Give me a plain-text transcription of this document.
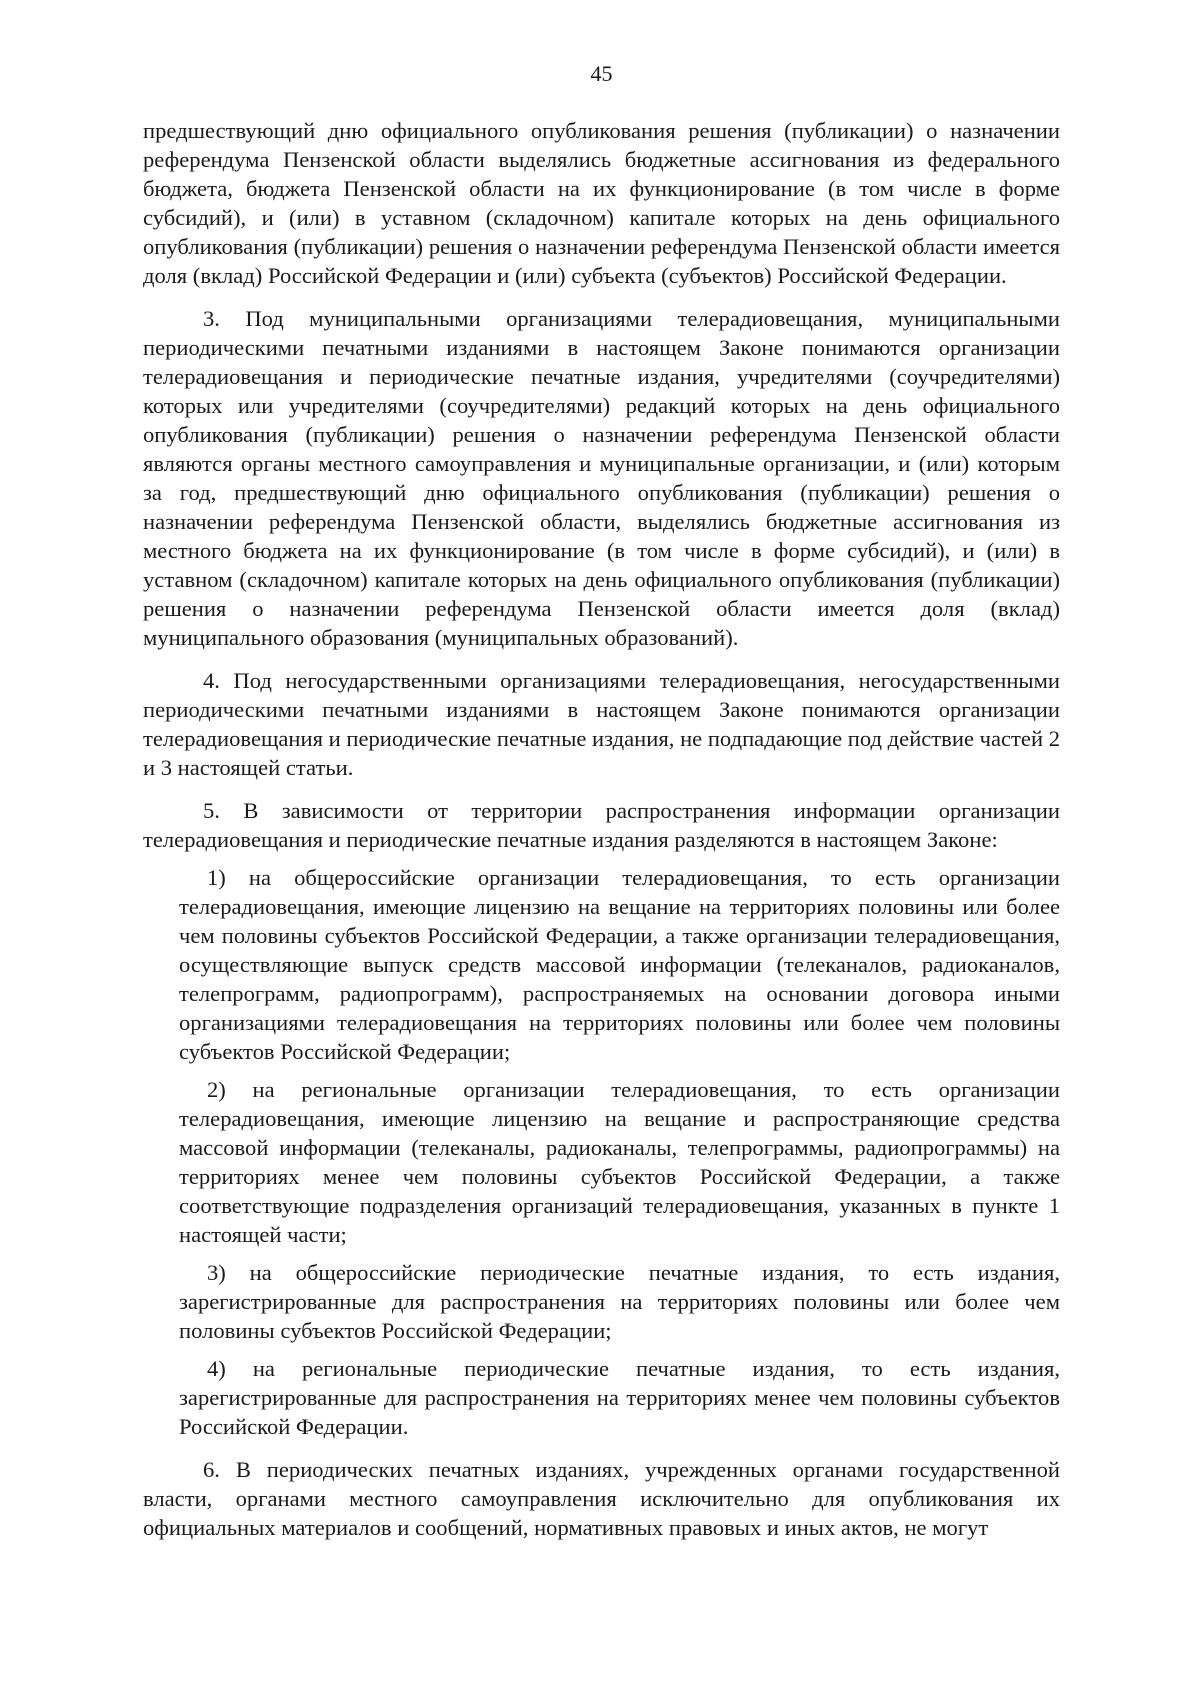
45

предшествующий дню официального опубликования решения (публикации) о назначении референдума Пензенской области выделялись бюджетные ассигнования из федерального бюджета, бюджета Пензенской области на их функционирование (в том числе в форме субсидий), и (или) в уставном (складочном) капитале которых на день официального опубликования (публикации) решения о назначении референдума Пензенской области имеется доля (вклад) Российской Федерации и (или) субъекта (субъектов) Российской Федерации.

3. Под муниципальными организациями телерадиовещания, муниципальными периодическими печатными изданиями в настоящем Законе понимаются организации телерадиовещания и периодические печатные издания, учредителями (соучредителями) которых или учредителями (соучредителями) редакций которых на день официального опубликования (публикации) решения о назначении референдума Пензенской области являются органы местного самоуправления и муниципальные организации, и (или) которым за год, предшествующий дню официального опубликования (публикации) решения о назначении референдума Пензенской области, выделялись бюджетные ассигнования из местного бюджета на их функционирование (в том числе в форме субсидий), и (или) в уставном (складочном) капитале которых на день официального опубликования (публикации) решения о назначении референдума Пензенской области имеется доля (вклад) муниципального образования (муниципальных образований).

4. Под негосударственными организациями телерадиовещания, негосударственными периодическими печатными изданиями в настоящем Законе понимаются организации телерадиовещания и периодические печатные издания, не подпадающие под действие частей 2 и 3 настоящей статьи.

5. В зависимости от территории распространения информации организации телерадиовещания и периодические печатные издания разделяются в настоящем Законе:

1) на общероссийские организации телерадиовещания, то есть организации телерадиовещания, имеющие лицензию на вещание на территориях половины или более чем половины субъектов Российской Федерации, а также организации телерадиовещания, осуществляющие выпуск средств массовой информации (телеканалов, радиоканалов, телепрограмм, радиопрограмм), распространяемых на основании договора иными организациями телерадиовещания на территориях половины или более чем половины субъектов Российской Федерации;

2) на региональные организации телерадиовещания, то есть организации телерадиовещания, имеющие лицензию на вещание и распространяющие средства массовой информации (телеканалы, радиоканалы, телепрограммы, радиопрограммы) на территориях менее чем половины субъектов Российской Федерации, а также соответствующие подразделения организаций телерадиовещания, указанных в пункте 1 настоящей части;

3) на общероссийские периодические печатные издания, то есть издания, зарегистрированные для распространения на территориях половины или более чем половины субъектов Российской Федерации;

4) на региональные периодические печатные издания, то есть издания, зарегистрированные для распространения на территориях менее чем половины субъектов Российской Федерации.

6. В периодических печатных изданиях, учрежденных органами государственной власти, органами местного самоуправления исключительно для опубликования их официальных материалов и сообщений, нормативных правовых и иных актов, не могут
